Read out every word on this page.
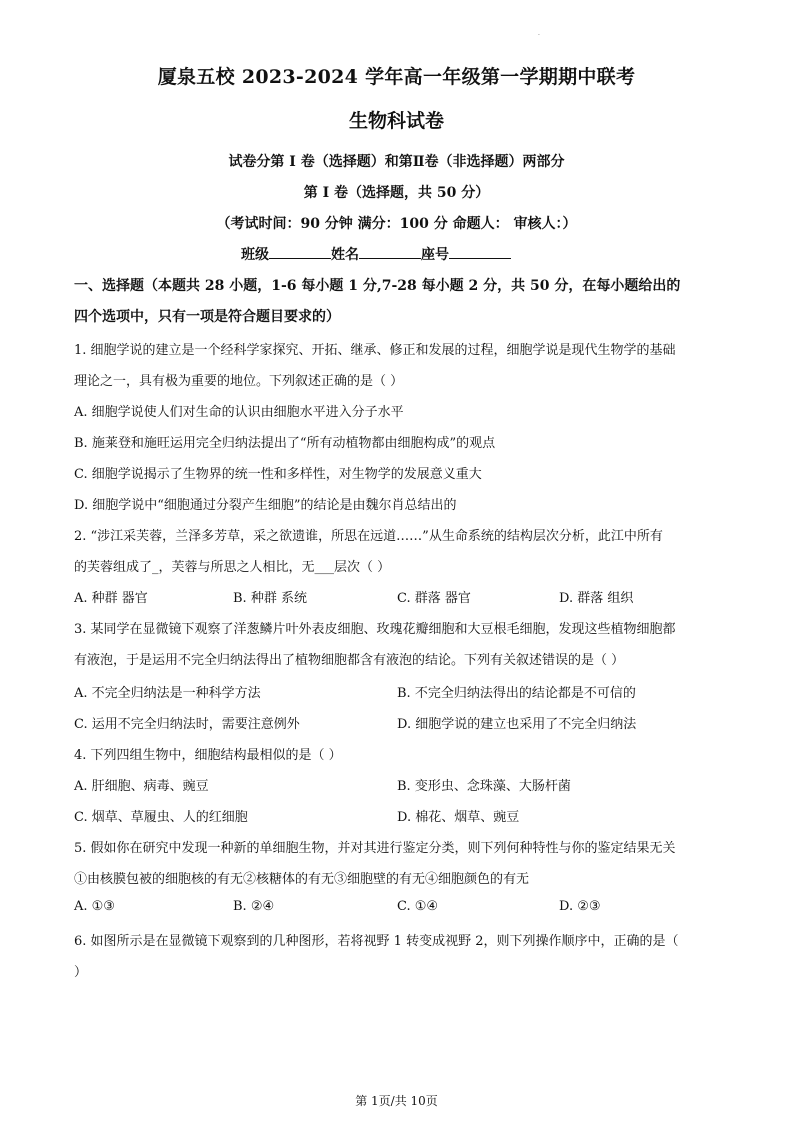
·
厦泉五校 2023-2024 学年高一年级第一学期期中联考
生物科试卷
试卷分第 I 卷（选择题）和第Ⅱ卷（非选择题）两部分
第 I 卷（选择题，共 50 分）
（考试时间：90 分钟 满分：100 分 命题人： 审核人：）
班级	姓名	座号
一、选择题（本题共 28 小题，1-6 每小题 1 分,7-28 每小题 2 分，共 50 分，在每小题给出的
四个选项中，只有一项是符合题目要求的）
1. 细胞学说的建立是一个经科学家探究、开拓、继承、修正和发展的过程，细胞学说是现代生物学的基础
理论之一，具有极为重要的地位。下列叙述正确的是（ ）
A. 细胞学说使人们对生命的认识由细胞水平进入分子水平
B. 施莱登和施旺运用完全归纳法提出了“所有动植物都由细胞构成”的观点
C. 细胞学说揭示了生物界的统一性和多样性，对生物学的发展意义重大
D. 细胞学说中“细胞通过分裂产生细胞”的结论是由魏尔肖总结出的
2. “涉江采芙蓉，兰泽多芳草，采之欲遗谁，所思在远道……”从生命系统的结构层次分析，此江中所有
的芙蓉组成了_，芙蓉与所思之人相比，无___层次（ ）
A. 种群 器官	B. 种群 系统	C. 群落 器官	D. 群落 组织
3. 某同学在显微镜下观察了洋葱鳞片叶外表皮细胞、玫瑰花瓣细胞和大豆根毛细胞，发现这些植物细胞都
有液泡，于是运用不完全归纳法得出了植物细胞都含有液泡的结论。下列有关叙述错误的是（ ）
A. 不完全归纳法是一种科学方法	B. 不完全归纳法得出的结论都是不可信的
C. 运用不完全归纳法时，需要注意例外	D. 细胞学说的建立也采用了不完全归纳法
4. 下列四组生物中，细胞结构最相似的是（ ）
A. 肝细胞、病毒、豌豆	B. 变形虫、念珠藻、大肠杆菌
C. 烟草、草履虫、人的红细胞	D. 棉花、烟草、豌豆
5. 假如你在研究中发现一种新的单细胞生物，并对其进行鉴定分类，则下列何种特性与你的鉴定结果无关
①由核膜包被的细胞核的有无②核糖体的有无③细胞壁的有无④细胞颜色的有无
A. ①③	B. ②④	C. ①④	D. ②③
6. 如图所示是在显微镜下观察到的几种图形，若将视野 1 转变成视野 2，则下列操作顺序中，正确的是（
）
第 1页/共 10页
